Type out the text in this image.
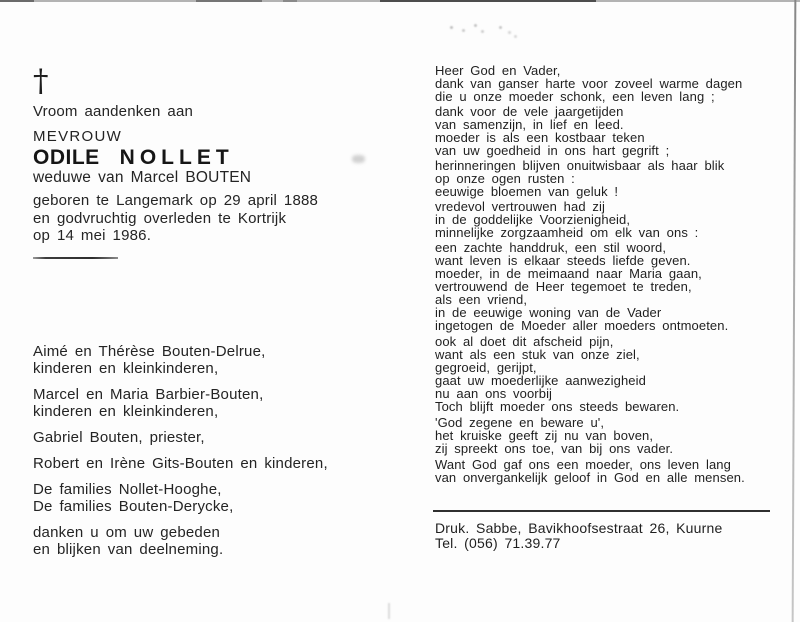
†
Vroom aandenken aan
MEVROUW
ODILE NOLLET
weduwe van Marcel BOUTEN
geboren te Langemark op 29 april 1888
en godvruchtig overleden te Kortrijk
op 14 mei 1986.
Aimé en Thérèse Bouten-Delrue,
kinderen en kleinkinderen,
Marcel en Maria Barbier-Bouten,
kinderen en kleinkinderen,
Gabriel Bouten, priester,
Robert en Irène Gits-Bouten en kinderen,
De families Nollet-Hooghe,
De families Bouten-Derycke,
danken u om uw gebeden
en blijken van deelneming.
Heer God en Vader,
dank van ganser harte voor zoveel warme dagen
die u onze moeder schonk, een leven lang ;
dank voor de vele jaargetijden
van samenzijn, in lief en leed.
moeder is als een kostbaar teken
van uw goedheid in ons hart gegrift ;
herinneringen blijven onuitwisbaar als haar blik
op onze ogen rusten :
eeuwige bloemen van geluk !
vredevol vertrouwen had zij
in de goddelijke Voorzienigheid,
minnelijke zorgzaamheid om elk van ons :
een zachte handdruk, een stil woord,
want leven is elkaar steeds liefde geven.
moeder, in de meimaand naar Maria gaan,
vertrouwend de Heer tegemoet te treden,
als een vriend,
in de eeuwige woning van de Vader
ingetogen de Moeder aller moeders ontmoeten.
ook al doet dit afscheid pijn,
want als een stuk van onze ziel,
gegroeid, gerijpt,
gaat uw moederlijke aanwezigheid
nu aan ons voorbij
Toch blijft moeder ons steeds bewaren.
'God zegene en beware u',
het kruiske geeft zij nu van boven,
zij spreekt ons toe, van bij ons vader.
Want God gaf ons een moeder, ons leven lang
van onvergankelijk geloof in God en alle mensen.
Druk. Sabbe, Bavikhoofsestraat 26, Kuurne
Tel. (056) 71.39.77
